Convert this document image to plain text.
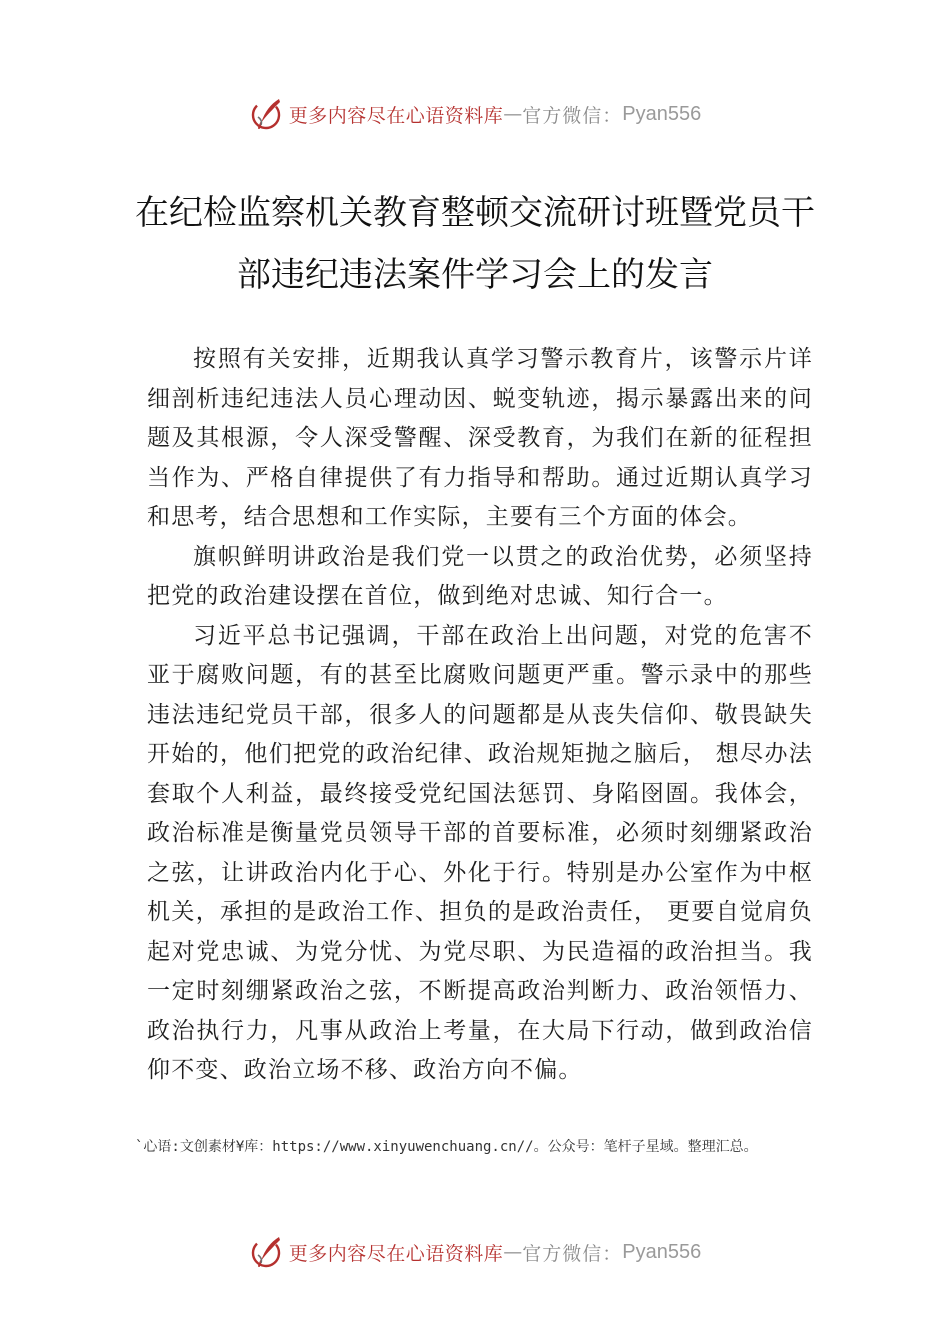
更多内容尽在心语资料库 — 官方微信： Pyan556
在纪检监察机关教育整顿交流研讨班暨党员干部违纪违法案件学习会上的发言

按照有关安排，近期我认真学习警示教育片，该警示片详细剖析违纪违法人员心理动因、蜕变轨迹，揭示暴露出来的问题及其根源，令人深受警醒、深受教育，为我们在新的征程担当作为、严格自律提供了有力指导和帮助。通过近期认真学习和思考，结合思想和工作实际，主要有三个方面的体会。

旗帜鲜明讲政治是我们党一以贯之的政治优势，必须坚持把党的政治建设摆在首位，做到绝对忠诚、知行合一。

习近平总书记强调，干部在政治上出问题，对党的危害不亚于腐败问题，有的甚至比腐败问题更严重。警示录中的那些违法违纪党员干部，很多人的问题都是从丧失信仰、敬畏缺失开始的，他们把党的政治纪律、政治规矩抛之脑后， 想尽办法套取个人利益，最终接受党纪国法惩罚、身陷囹圄。我体会，政治标准是衡量党员领导干部的首要标准，必须时刻绷紧政治之弦，让讲政治内化于心、外化于行。特别是办公室作为中枢机关，承担的是政治工作、担负的是政治责任， 更要自觉肩负起对党忠诚、为党分忧、为党尽职、为民造福的政治担当。我一定时刻绷紧政治之弦，不断提高政治判断力、政治领悟力、政治执行力，凡事从政治上考量，在大局下行动，做到政治信仰不变、政治立场不移、政治方向不偏。

`心语:文创素材¥库：https://www.xinyuwenchuang.cn//。公众号：笔杆子星域。整理汇总。
更多内容尽在心语资料库 — 官方微信： Pyan556
